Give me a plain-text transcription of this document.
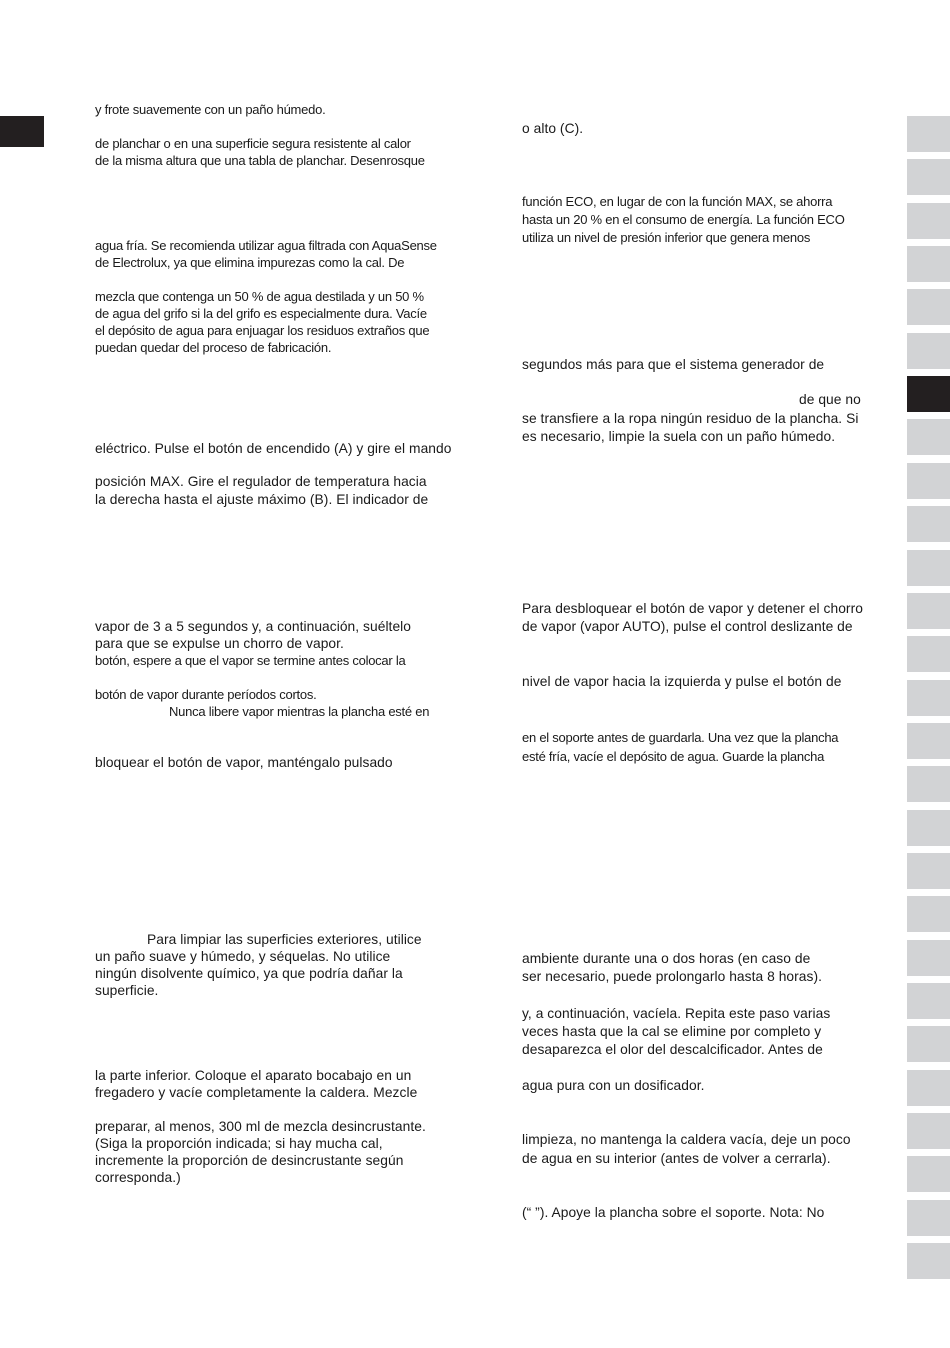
y frote suavemente con un paño húmedo.
de planchar o en una superficie segura resistente al calor
de la misma altura que una tabla de planchar. Desenrosque
agua fría. Se recomienda utilizar agua filtrada con AquaSense
de Electrolux, ya que elimina impurezas como la cal. De
mezcla que contenga un 50 % de agua destilada y un 50 %
de agua del grifo si la del grifo es especialmente dura. Vacíe
el depósito de agua para enjuagar los residuos extraños que
puedan quedar del proceso de fabricación.
eléctrico. Pulse el botón de encendido (A) y gire el mando
posición MAX. Gire el regulador de temperatura hacia
la derecha hasta el ajuste máximo (B). El indicador de
vapor de 3 a 5 segundos y, a continuación, suéltelo
para que se expulse un chorro de vapor.
botón, espere a que el vapor se termine antes colocar la
botón de vapor durante períodos cortos.
Nunca libere vapor mientras la plancha esté en
bloquear el botón de vapor, manténgalo pulsado
Para limpiar las superficies exteriores, utilice
un paño suave y húmedo, y séquelas. No utilice
ningún disolvente químico, ya que podría dañar la
superficie.
la parte inferior. Coloque el aparato bocabajo en un
fregadero y vacíe completamente la caldera. Mezcle
preparar, al menos, 300 ml de mezcla desincrustante.
(Siga la proporción indicada; si hay mucha cal,
incremente la proporción de desincrustante según
corresponda.)
o alto (C).
función ECO, en lugar de con la función MAX, se ahorra
hasta un 20 % en el consumo de energía. La función ECO
utiliza un nivel de presión inferior que genera menos
segundos más para que el sistema generador de
de que no
se transfiere a la ropa ningún residuo de la plancha. Si
es necesario, limpie la suela con un paño húmedo.
Para desbloquear el botón de vapor y detener el chorro
de vapor (vapor AUTO), pulse el control deslizante de
nivel de vapor hacia la izquierda y pulse el botón de
en el soporte antes de guardarla. Una vez que la plancha
esté fría, vacíe el depósito de agua. Guarde la plancha
ambiente durante una o dos horas (en caso de
ser necesario, puede prolongarlo hasta 8 horas).
y, a continuación, vacíela. Repita este paso varias
veces hasta que la cal se elimine por completo y
desaparezca el olor del descalcificador. Antes de
agua pura con un dosificador.
limpieza, no mantenga la caldera vacía, deje un poco
de agua en su interior (antes de volver a cerrarla).
(“ ”). Apoye la plancha sobre el soporte. Nota: No
